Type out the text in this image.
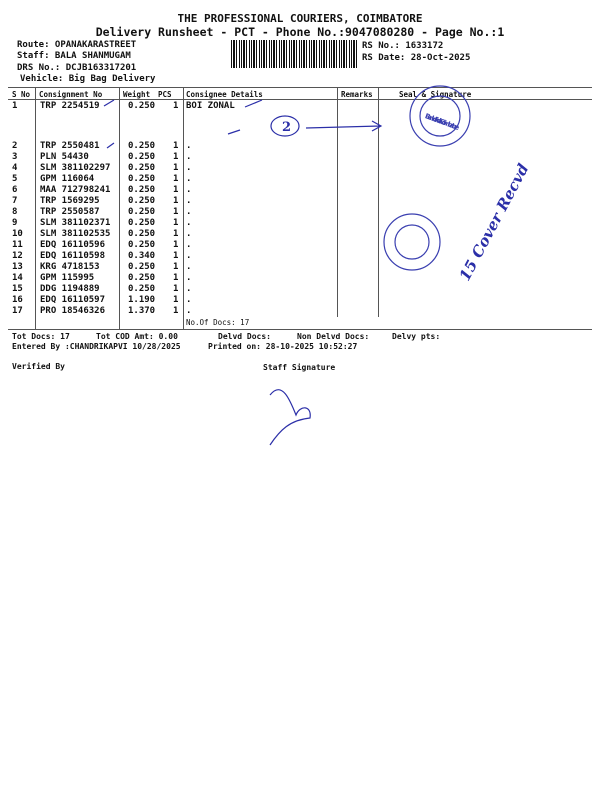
THE PROFESSIONAL COURIERS, COIMBATORE
Delivery Runsheet - PCT - Phone No.:9047080280 - Page No.:1
Route: OPANAKARASTREET
Staff: BALA SHANMUGAM
DRS No.: DCJB163317201
Vehicle: Big Bag Delivery
RS No.: 1633172
RS Date: 28-Oct-2025
S No Consignment No	Weight PCS Consignee Details	Remarks	Seal & Signature
1	TRP 2254519	0.250 1 BOI ZONAL
2	TRP 2550481	0.250 1 .
3	PLN 54430	0.250 1 .
4	SLM 381102297 0.250 1 .
5	GPM 116064	0.250 1 .
6	MAA 712798241 0.250 1 .
7	TRP 1569295	0.250 1 .
8	TRP 2550587	0.250 1 .
9	SLM 381102371 0.250 1 .
10 SLM 381102535 0.250 1 .
11 EDQ 16110596	0.250 1 .
12 EDQ 16110598	0.340 1 .
13 KRG 4718153	0.250 1 .
14 GPM 115995	0.250 1 .
15 DDG 1194889	0.250 1 .
16 EDQ 16110597	1.190 1 .
17 PRO 18546326	1.370 1 .
No.Of Docs: 17
Tot Docs: 17	Tot COD Amt: 0.00	Delvd Docs:	Non Delvd Docs:	Delvy pts:
Entered By :CHANDRIKAPVI 10/28/2025	Printed on: 28-10-2025 10:52:27
Verified By	Staff Signature
2
Bank of India Coimbatore
15 Cover Recvd
